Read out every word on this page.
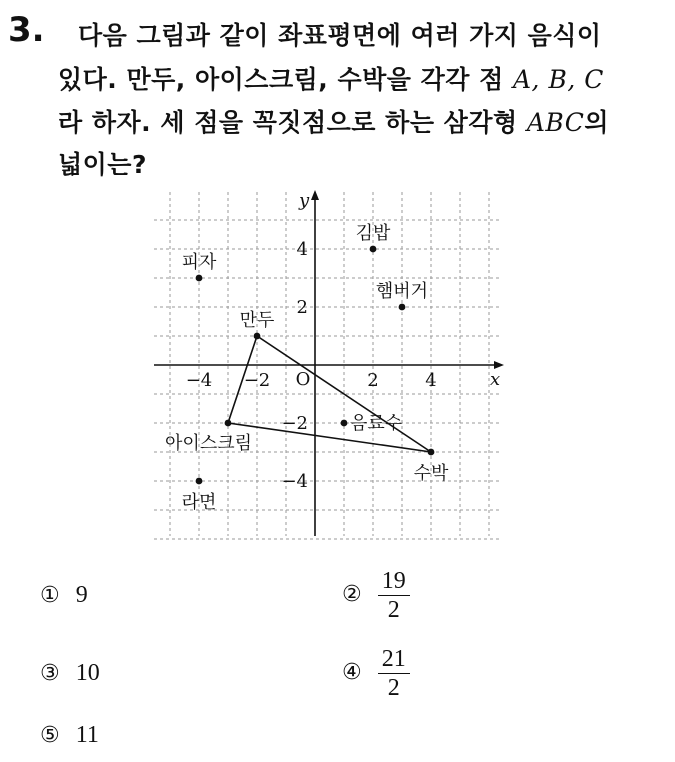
3.	다음 그림과 같이 좌표평면에 여러 가지 음식이
있다. 만두, 아이스크림, 수박을 각각 점 A, B, C
라 하자. 세 점을 꼭짓점으로 하는 삼각형 ABC의
넓이는?
x
y
O
−4 −2	2	4
4
2
−2
−4
김밥
피자
햄버거
만두
음료수
아이스크림
수박
라면
① 9	② $\frac{19}{2}$
③ 10	④ $\frac{21}{2}$
⑤ 11
